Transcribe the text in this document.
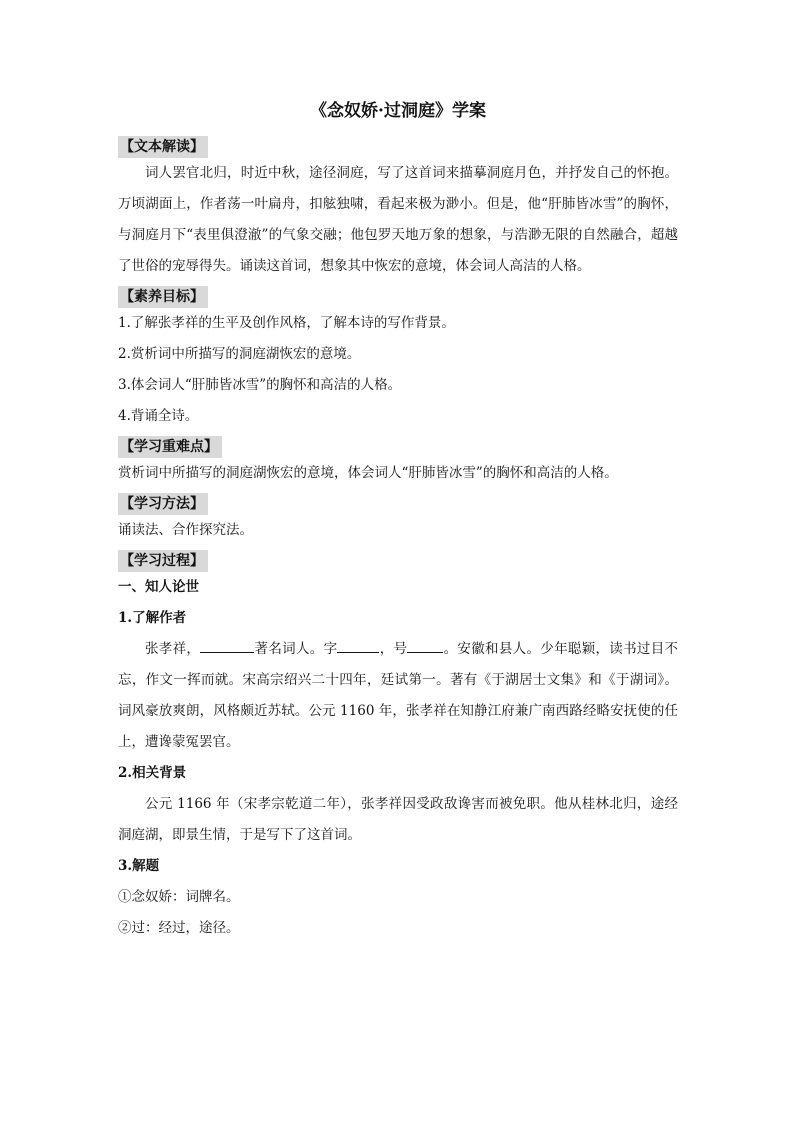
《念奴娇·过洞庭》学案
【文本解读】

词人罢官北归，时近中秋，途径洞庭，写了这首词来描摹洞庭月色，并抒发自己的怀抱。万顷湖面上，作者荡一叶扁舟，扣舷独啸，看起来极为渺小。但是，他“肝肺皆冰雪”的胸怀，与洞庭月下“表里俱澄澈”的气象交融；他包罗天地万象的想象，与浩渺无限的自然融合，超越了世俗的宠辱得失。诵读这首词，想象其中恢宏的意境，体会词人高洁的人格。

【素养目标】

1.了解张孝祥的生平及创作风格，了解本诗的写作背景。

2.赏析词中所描写的洞庭湖恢宏的意境。

3.体会词人“肝肺皆冰雪”的胸怀和高洁的人格。

4.背诵全诗。

【学习重难点】

赏析词中所描写的洞庭湖恢宏的意境，体会词人“肝肺皆冰雪”的胸怀和高洁的人格。

【学习方法】

诵读法、合作探究法。

【学习过程】

一、知人论世

1.了解作者

张孝祥，	著名词人。字	，号	。安徽和县人。少年聪颖，读书过目不忘，作文一挥而就。宋高宗绍兴二十四年，廷试第一。著有《于湖居士文集》和《于湖词》。词风豪放爽朗，风格颇近苏轼。公元 1160 年，张孝祥在知静江府兼广南西路经略安抚使的任上，遭谗蒙冤罢官。

2.相关背景

公元 1166 年（宋孝宗乾道二年），张孝祥因受政敌谗害而被免职。他从桂林北归，途经洞庭湖，即景生情，于是写下了这首词。

3.解题

①念奴娇：词牌名。

②过：经过，途径。
